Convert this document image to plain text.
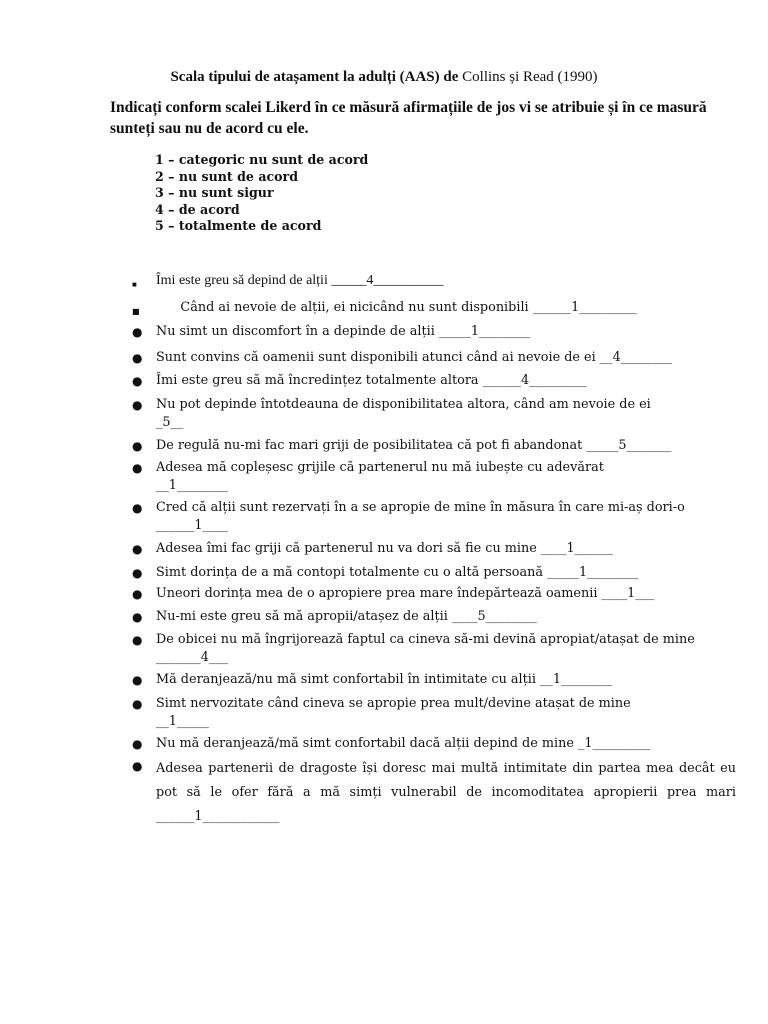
Scala tipului de atașament la adulți (AAS) de Collins și Read (1990)
Indicați conform scalei Likerd în ce măsură afirmațiile de jos vi se atribuie și în ce masură sunteți sau nu de acord cu ele.
1 – categoric nu sunt de acord
2 – nu sunt de acord
3 – nu sunt sigur
4 – de acord
5 – totalmente de acord
■	Îmi este greu să depind de alții _____4__________
■	Când ai nevoie de alții, ei nicicând nu sunt disponibili ______1_________
● Nu simt un discomfort în a depinde de alții _____1________
● Sunt convins că oamenii sunt disponibili atunci când ai nevoie de ei __4________
● Îmi este greu să mă încredințez totalmente altora ______4_________
● Nu pot depinde întotdeauna de disponibilitatea altora, când am nevoie de ei _5__
● De regulă nu-mi fac mari griji de posibilitatea că pot fi abandonat _____5_______
● Adesea mă copleșesc grijile că partenerul nu mă iubește cu adevărat __1________
● Cred că alții sunt rezervați în a se apropie de mine în măsura în care mi-aș dori-o ______1____
● Adesea îmi fac griji că partenerul nu va dori să fie cu mine ____1______
● Simt dorința de a mă contopi totalmente cu o altă persoană _____1________
● Uneori dorința mea de o apropiere prea mare îndepărtează oamenii ____1___
● Nu-mi este greu să mă apropii/atașez de alții ____5________
● De obicei nu mă îngrijorează faptul ca cineva să-mi devină apropiat/atașat de mine _______4___
● Mă deranjează/nu mă simt confortabil în intimitate cu alții __1________
● Simt nervozitate când cineva se apropie prea mult/devine atașat de mine __1_____
● Nu mă deranjează/mă simt confortabil dacă alții depind de mine _1_________
● Adesea partenerii de dragoste își doresc mai multă intimitate din partea mea decât eu pot să le ofer fără a mă simți vulnerabil de incomoditatea apropierii prea mari ______1____________
